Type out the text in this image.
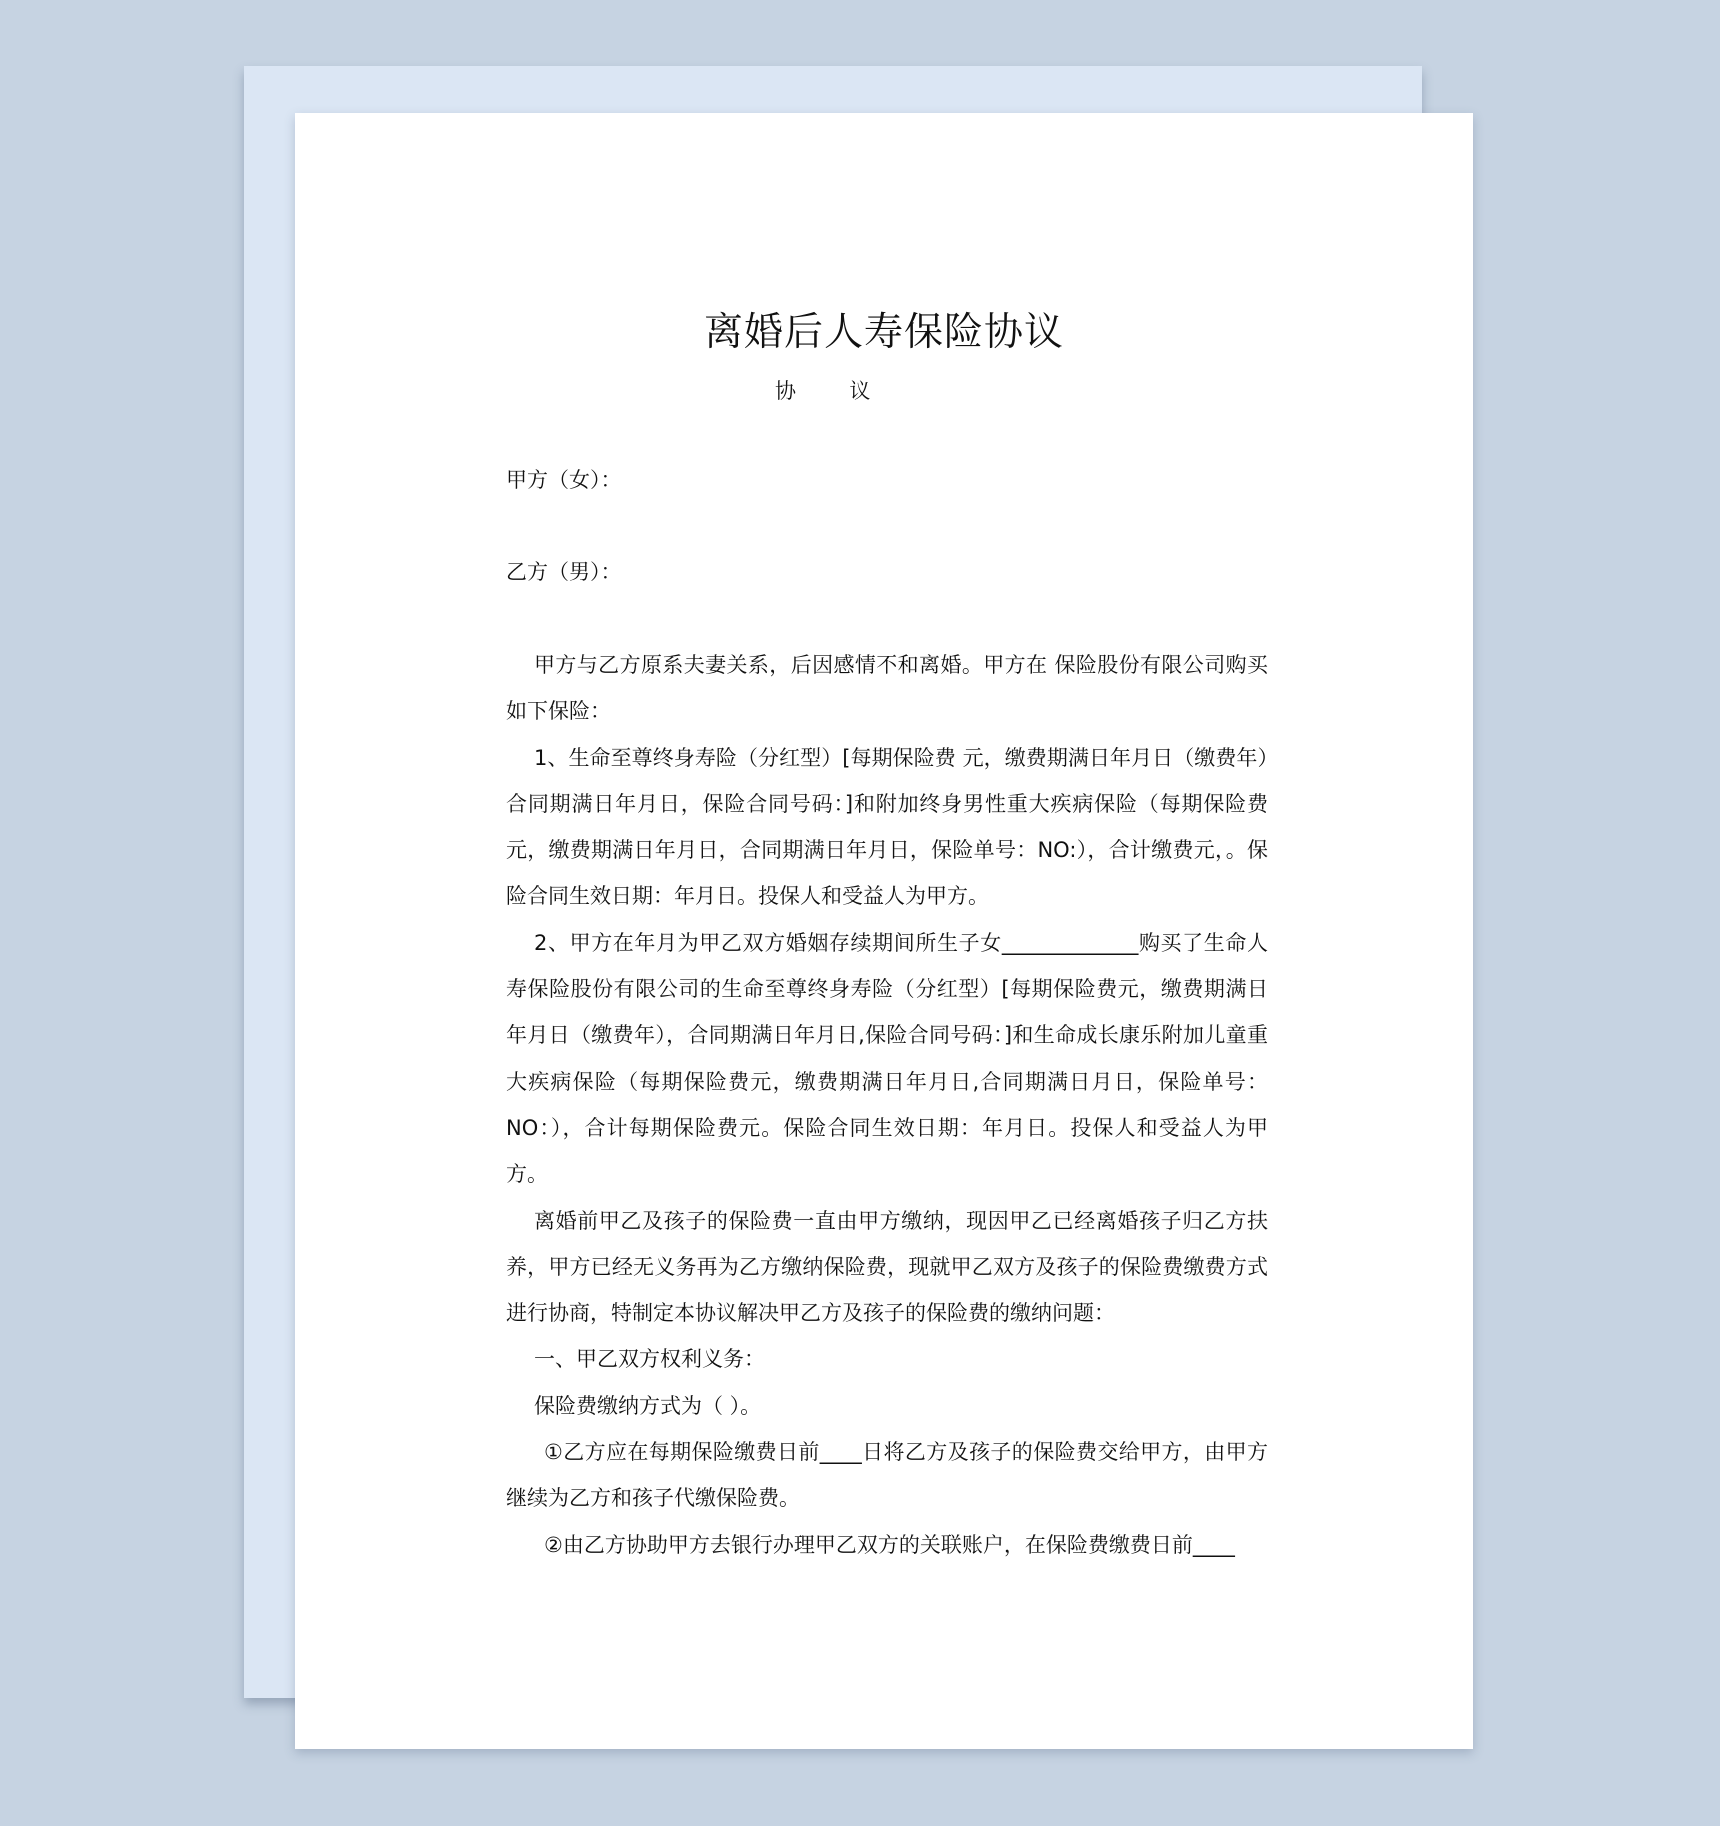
离婚后人寿保险协议
协        议
甲方（女）：
乙方（男）：

甲方与乙方原系夫妻关系，后因感情不和离婚。甲方在 保险股份有限公司购买如下保险：

1、生命至尊终身寿险（分红型）[每期保险费 元，缴费期满日年月日（缴费年）合同期满日年月日，保险合同号码：]和附加终身男性重大疾病保险（每期保险费元，缴费期满日年月日，合同期满日年月日，保险单号：NO:），合计缴费元，。保险合同生效日期：年月日。投保人和受益人为甲方。

2、甲方在年月为甲乙双方婚姻存续期间所生子女_____________购买了生命人寿保险股份有限公司的生命至尊终身寿险（分红型）[每期保险费元，缴费期满日年月日（缴费年），合同期满日年月日,保险合同号码：]和生命成长康乐附加儿童重大疾病保险（每期保险费元，缴费期满日年月日,合同期满日月日，保险单号：NO：），合计每期保险费元。保险合同生效日期：年月日。投保人和受益人为甲方。

离婚前甲乙及孩子的保险费一直由甲方缴纳，现因甲乙已经离婚孩子归乙方扶养，甲方已经无义务再为乙方缴纳保险费，现就甲乙双方及孩子的保险费缴费方式进行协商，特制定本协议解决甲乙方及孩子的保险费的缴纳问题：

一、甲乙双方权利义务：

保险费缴纳方式为（ ）。

①乙方应在每期保险缴费日前____日将乙方及孩子的保险费交给甲方，由甲方继续为乙方和孩子代缴保险费。

②由乙方协助甲方去银行办理甲乙双方的关联账户，在保险费缴费日前____
